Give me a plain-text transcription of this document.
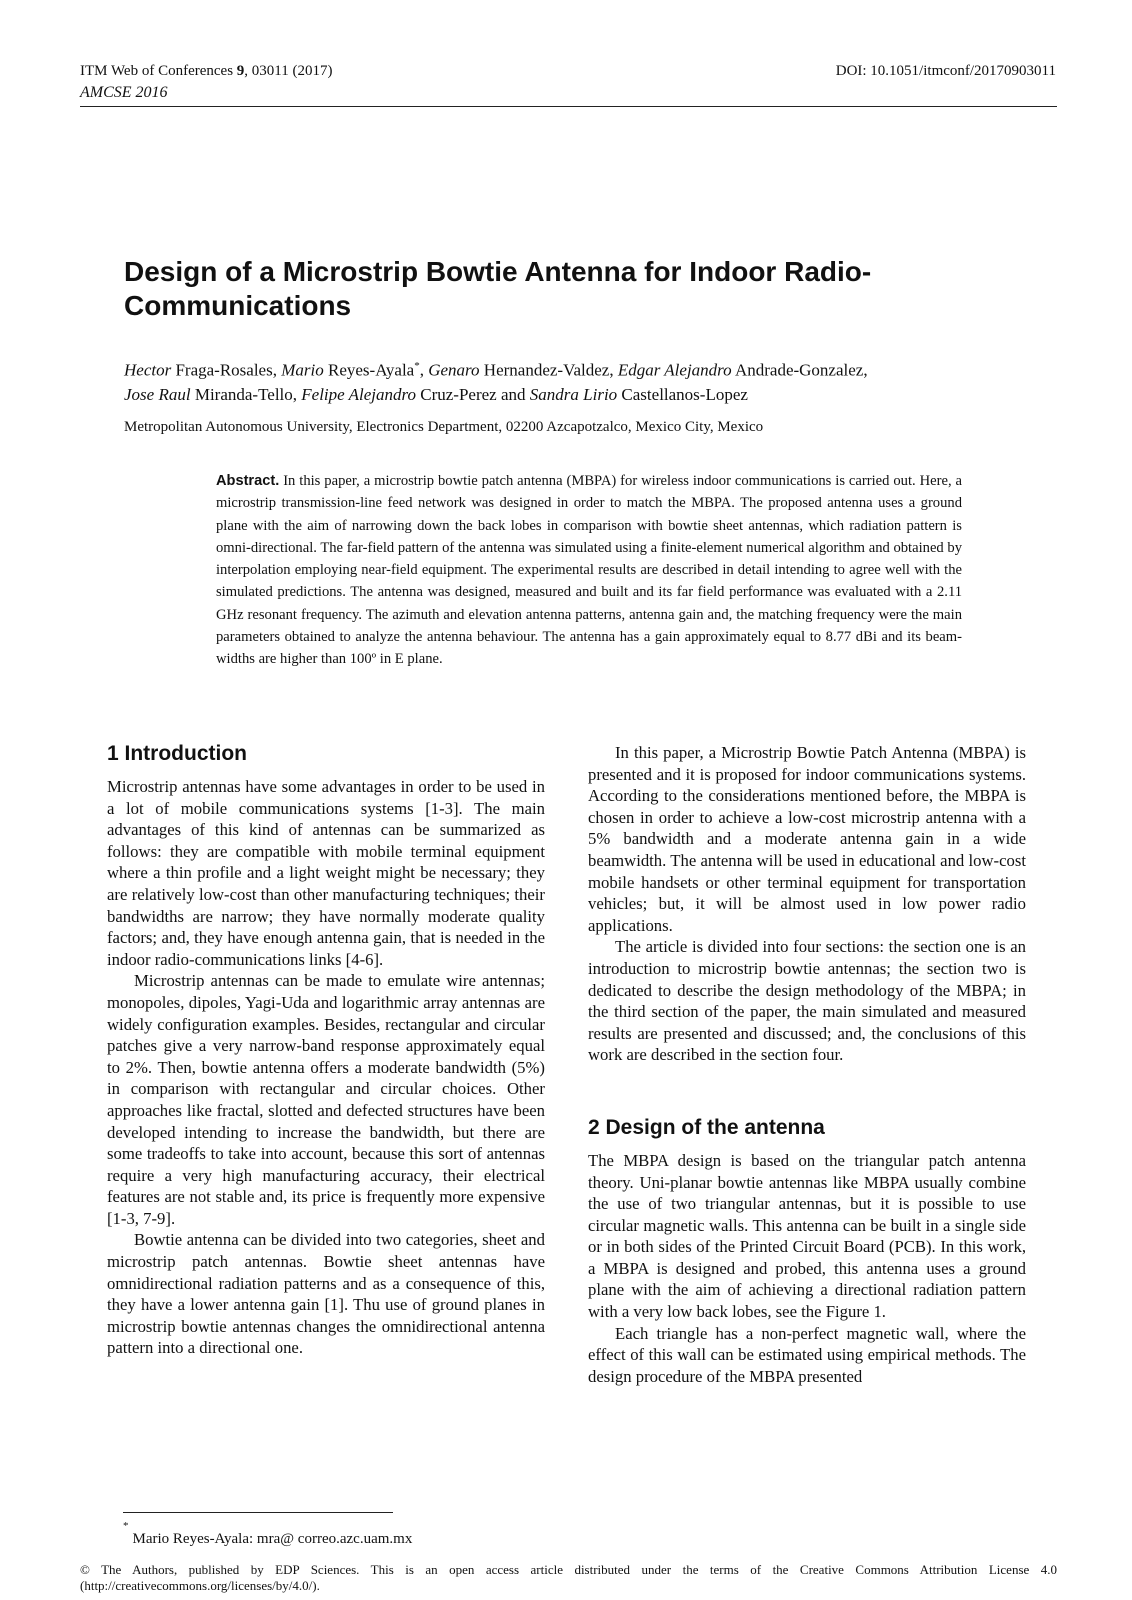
ITM Web of Conferences 9, 03011 (2017)
AMCSE 2016
DOI: 10.1051/itmconf/20170903011
Design of a Microstrip Bowtie Antenna for Indoor Radio-Communications
Hector Fraga-Rosales, Mario Reyes-Ayala*, Genaro Hernandez-Valdez, Edgar Alejandro Andrade-Gonzalez,
Jose Raul Miranda-Tello, Felipe Alejandro Cruz-Perez and Sandra Lirio Castellanos-Lopez
Metropolitan Autonomous University, Electronics Department, 02200 Azcapotzalco, Mexico City, Mexico

Abstract. In this paper, a microstrip bowtie patch antenna (MBPA) for wireless indoor communications is carried out. Here, a microstrip transmission-line feed network was designed in order to match the MBPA. The proposed antenna uses a ground plane with the aim of narrowing down the back lobes in comparison with bowtie sheet antennas, which radiation pattern is omni-directional. The far-field pattern of the antenna was simulated using a finite-element numerical algorithm and obtained by interpolation employing near-field equipment. The experimental results are described in detail intending to agree well with the simulated predictions. The antenna was designed, measured and built and its far field performance was evaluated with a 2.11 GHz resonant frequency. The azimuth and elevation antenna patterns, antenna gain and, the matching frequency were the main parameters obtained to analyze the antenna behaviour. The antenna has a gain approximately equal to 8.77 dBi and its beam-widths are higher than 100º in E plane.

1 Introduction

Microstrip antennas have some advantages in order to be used in a lot of mobile communications systems [1-3]. The main advantages of this kind of antennas can be summarized as follows: they are compatible with mobile terminal equipment where a thin profile and a light weight might be necessary; they are relatively low-cost than other manufacturing techniques; their bandwidths are narrow; they have normally moderate quality factors; and, they have enough antenna gain, that is needed in the indoor radio-communications links [4-6].

Microstrip antennas can be made to emulate wire antennas; monopoles, dipoles, Yagi-Uda and logarithmic array antennas are widely configuration examples. Besides, rectangular and circular patches give a very narrow-band response approximately equal to 2%. Then, bowtie antenna offers a moderate bandwidth (5%) in comparison with rectangular and circular choices. Other approaches like fractal, slotted and defected structures have been developed intending to increase the bandwidth, but there are some tradeoffs to take into account, because this sort of antennas require a very high manufacturing accuracy, their electrical features are not stable and, its price is frequently more expensive [1-3, 7-9].

Bowtie antenna can be divided into two categories, sheet and microstrip patch antennas. Bowtie sheet antennas have omnidirectional radiation patterns and as a consequence of this, they have a lower antenna gain [1]. Thu use of ground planes in microstrip bowtie antennas changes the omnidirectional antenna pattern into a directional one.

In this paper, a Microstrip Bowtie Patch Antenna (MBPA) is presented and it is proposed for indoor communications systems. According to the considerations mentioned before, the MBPA is chosen in order to achieve a low-cost microstrip antenna with a 5% bandwidth and a moderate antenna gain in a wide beamwidth. The antenna will be used in educational and low-cost mobile handsets or other terminal equipment for transportation vehicles; but, it will be almost used in low power radio applications.

The article is divided into four sections: the section one is an introduction to microstrip bowtie antennas; the section two is dedicated to describe the design methodology of the MBPA; in the third section of the paper, the main simulated and measured results are presented and discussed; and, the conclusions of this work are described in the section four.

2 Design of the antenna

The MBPA design is based on the triangular patch antenna theory. Uni-planar bowtie antennas like MBPA usually combine the use of two triangular antennas, but it is possible to use circular magnetic walls. This antenna can be built in a single side or in both sides of the Printed Circuit Board (PCB). In this work, a MBPA is designed and probed, this antenna uses a ground plane with the aim of achieving a directional radiation pattern with a very low back lobes, see the Figure 1.

Each triangle has a non-perfect magnetic wall, where the effect of this wall can be estimated using empirical methods. The design procedure of the MBPA presented

*Mario Reyes-Ayala: mra@ correo.azc.uam.mx
© The Authors, published by EDP Sciences. This is an open access article distributed under the terms of the Creative Commons Attribution License 4.0 (http://creativecommons.org/licenses/by/4.0/).
